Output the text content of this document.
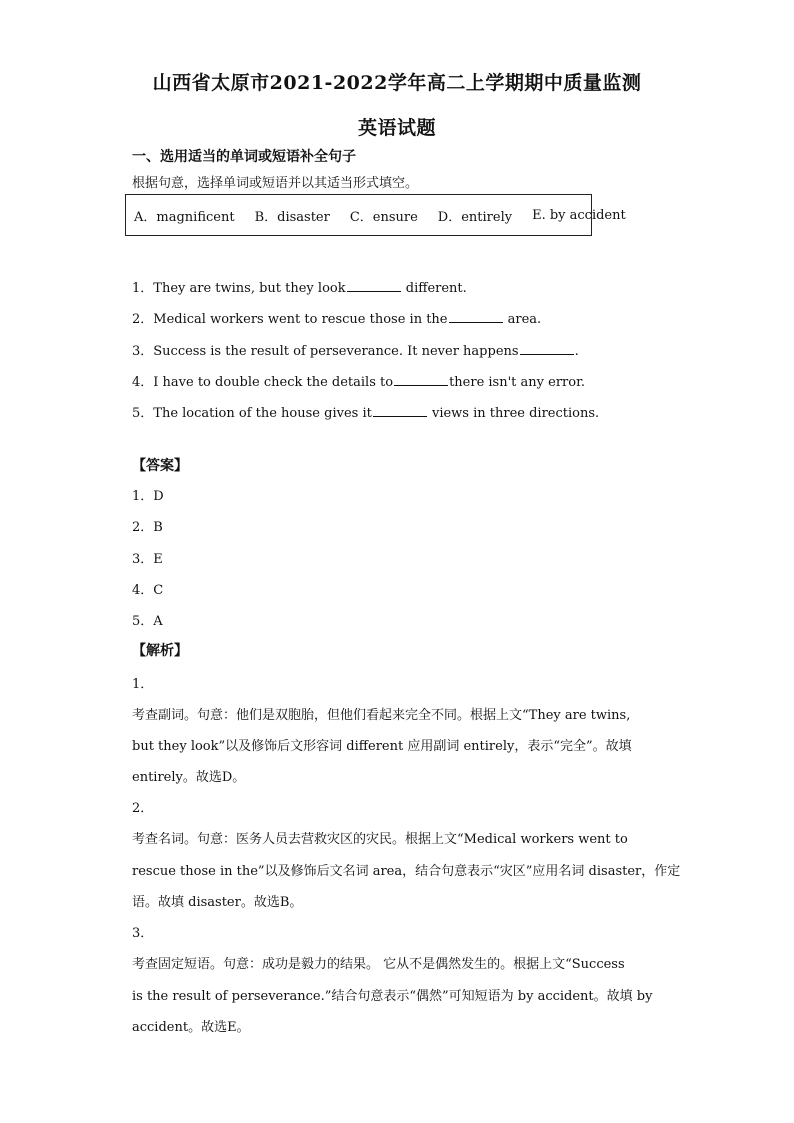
山西省太原市2021-2022学年高二上学期期中质量监测
英语试题
一、选用适当的单词或短语补全句子
根据句意，选择单词或短语并以其适当形式填空。
A．magnificent B．disaster C．ensure D．entirely E. by accident
1．They are twins, but they look	different.
2．Medical workers went to rescue those in the	area.
3．Success is the result of perseverance. It never happens	.
4．I have to double check the details to	there isn't any error.
5．The location of the house gives it	views in three directions.
【答案】
1．D
2．B
3．E
4．C
5．A
【解析】
1．
考查副词。句意：他们是双胞胎，但他们看起来完全不同。根据上文“They are twins,
but they look”以及修饰后文形容词 different 应用副词 entirely，表示“完全”。故填
entirely。故选D。
2．
考查名词。句意：医务人员去营救灾区的灾民。根据上文“Medical workers went to
rescue those in the”以及修饰后文名词 area，结合句意表示“灾区”应用名词 disaster，作定
语。故填 disaster。故选B。
3．
考查固定短语。句意：成功是毅力的结果。 它从不是偶然发生的。根据上文“Success
is the result of perseverance.”结合句意表示“偶然”可知短语为 by accident。故填 by
accident。故选E。
